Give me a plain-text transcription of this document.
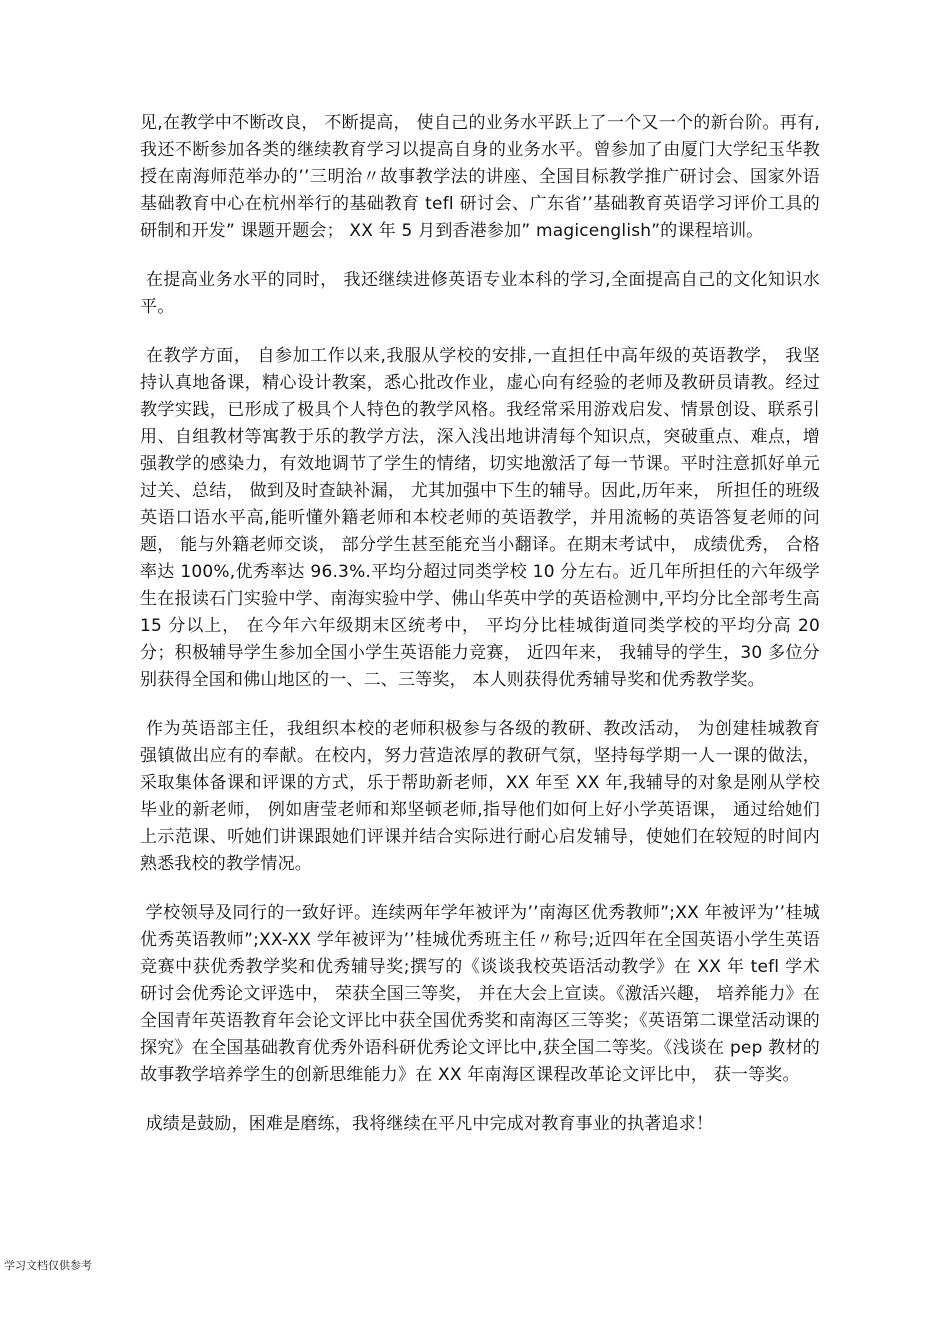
见,在教学中不断改良， 不断提高， 使自己的业务水平跃上了一个又一个的新台阶。再有,我还不断参加各类的继续教育学习以提高自身的业务水平。曾参加了由厦门大学纪玉华教授在南海师范举办的’’三明治〃故事教学法的讲座、全国目标教学推广研讨会、国家外语基础教育中心在杭州举行的基础教育 tefl 研讨会、广东省’’基础教育英语学习评价工具的研制和开发” 课题开题会； XX 年 5 月到香港参加” magicenglish”的课程培训。

在提高业务水平的同时， 我还继续进修英语专业本科的学习,全面提高自己的文化知识水平。

在教学方面， 自参加工作以来,我服从学校的安排,一直担任中高年级的英语教学， 我坚持认真地备课，精心设计教案，悉心批改作业，虚心向有经验的老师及教研员请教。经过教学实践，已形成了极具个人特色的教学风格。我经常采用游戏启发、情景创设、联系引用、自组教材等寓教于乐的教学方法，深入浅出地讲清每个知识点，突破重点、难点，增强教学的感染力，有效地调节了学生的情绪，切实地激活了每一节课。平时注意抓好单元过关、总结， 做到及时查缺补漏， 尤其加强中下生的辅导。因此,历年来， 所担任的班级英语口语水平高,能听懂外籍老师和本校老师的英语教学，并用流畅的英语答复老师的问题， 能与外籍老师交谈， 部分学生甚至能充当小翻译。在期末考试中， 成绩优秀， 合格率达 100%,优秀率达 96.3%.平均分超过同类学校 10 分左右。近几年所担任的六年级学生在报读石门实验中学、南海实验中学、佛山华英中学的英语检测中,平均分比全部考生高 15 分以上， 在今年六年级期末区统考中， 平均分比桂城街道同类学校的平均分高 20 分；积极辅导学生参加全国小学生英语能力竞赛， 近四年来， 我辅导的学生，30 多位分别获得全国和佛山地区的一、二、三等奖， 本人则获得优秀辅导奖和优秀教学奖。

作为英语部主任，我组织本校的老师积极参与各级的教研、教改活动， 为创建桂城教育强镇做出应有的奉献。在校内，努力营造浓厚的教研气氛，坚持每学期一人一课的做法，采取集体备课和评课的方式，乐于帮助新老师，XX 年至 XX 年,我辅导的对象是刚从学校毕业的新老师， 例如唐莹老师和郑坚顿老师,指导他们如何上好小学英语课， 通过给她们上示范课、听她们讲课跟她们评课并结合实际进行耐心启发辅导，使她们在较短的时间内熟悉我校的教学情况。

学校领导及同行的一致好评。连续两年学年被评为’’南海区优秀教师”;XX 年被评为’’桂城优秀英语教师”;XX-XX 学年被评为’’桂城优秀班主任〃称号;近四年在全国英语小学生英语竞赛中获优秀教学奖和优秀辅导奖;撰写的《谈谈我校英语活动教学》在 XX 年 tefl 学术研讨会优秀论文评选中， 荣获全国三等奖， 并在大会上宣读。《激活兴趣， 培养能力》在全国青年英语教育年会论文评比中获全国优秀奖和南海区三等奖；《英语第二课堂活动课的探究》在全国基础教育优秀外语科研优秀论文评比中,获全国二等奖。《浅谈在 pep 教材的故事教学培养学生的创新思维能力》在 XX 年南海区课程改革论文评比中， 获一等奖。

成绩是鼓励，困难是磨练，我将继续在平凡中完成对教育事业的执著追求！

学习文档仅供参考
